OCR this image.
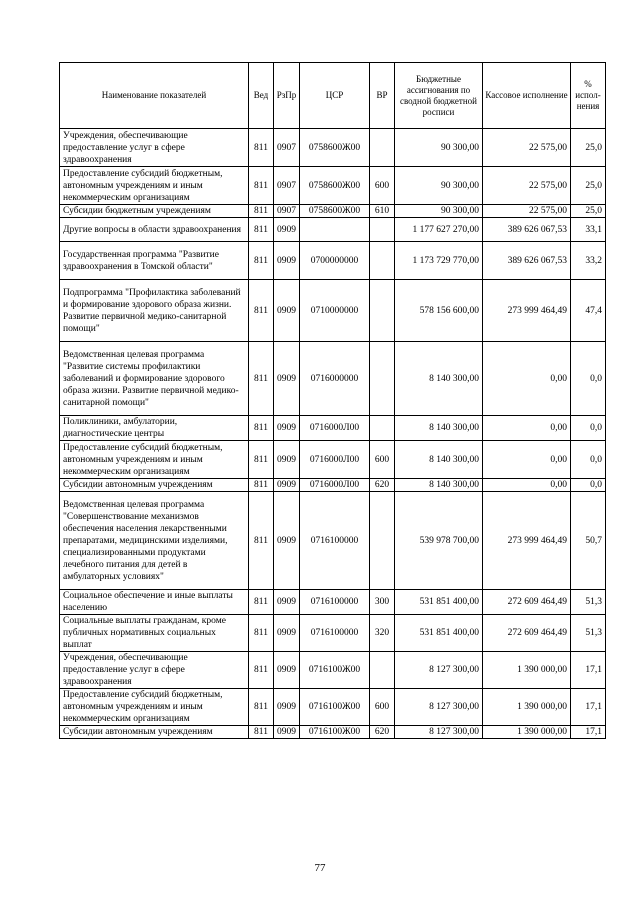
Наименование показателей	Вед	РзПр	ЦСР	ВР	Бюджетные ассигнования по сводной бюджетной росписи	Кассовое исполнение	% испол-нения
Учреждения, обеспечивающие предоставление услуг в сфере здравоохранения	811	0907	0758600Ж00		90 300,00	22 575,00	25,0
Предоставление субсидий бюджетным, автономным учреждениям и иным некоммерческим организациям	811	0907	0758600Ж00	600	90 300,00	22 575,00	25,0
Субсидии бюджетным учреждениям	811	0907	0758600Ж00	610	90 300,00	22 575,00	25,0
Другие вопросы в области здравоохранения	811	0909			1 177 627 270,00	389 626 067,53	33,1
Государственная программа "Развитие здравоохранения в Томской области"	811	0909	0700000000		1 173 729 770,00	389 626 067,53	33,2
Подпрограмма "Профилактика заболеваний и формирование здорового образа жизни. Развитие первичной медико-санитарной помощи"	811	0909	0710000000		578 156 600,00	273 999 464,49	47,4
Ведомственная целевая программа "Развитие системы профилактики заболеваний и формирование здорового образа жизни. Развитие первичной медико-санитарной помощи"	811	0909	0716000000		8 140 300,00	0,00	0,0
Поликлиники, амбулатории, диагностические центры	811	0909	0716000Л00		8 140 300,00	0,00	0,0
Предоставление субсидий бюджетным, автономным учреждениям и иным некоммерческим организациям	811	0909	0716000Л00	600	8 140 300,00	0,00	0,0
Субсидии автономным учреждениям	811	0909	0716000Л00	620	8 140 300,00	0,00	0,0
Ведомственная целевая программа "Совершенствование механизмов обеспечения населения лекарственными препаратами, медицинскими изделиями, специализированными продуктами лечебного питания для детей в амбулаторных условиях"	811	0909	0716100000		539 978 700,00	273 999 464,49	50,7
Социальное обеспечение и иные выплаты населению	811	0909	0716100000	300	531 851 400,00	272 609 464,49	51,3
Социальные выплаты гражданам, кроме публичных нормативных социальных выплат	811	0909	0716100000	320	531 851 400,00	272 609 464,49	51,3
Учреждения, обеспечивающие предоставление услуг в сфере здравоохранения	811	0909	0716100Ж00		8 127 300,00	1 390 000,00	17,1
Предоставление субсидий бюджетным, автономным учреждениям и иным некоммерческим организациям	811	0909	0716100Ж00	600	8 127 300,00	1 390 000,00	17,1
Субсидии автономным учреждениям	811	0909	0716100Ж00	620	8 127 300,00	1 390 000,00	17,1
77
